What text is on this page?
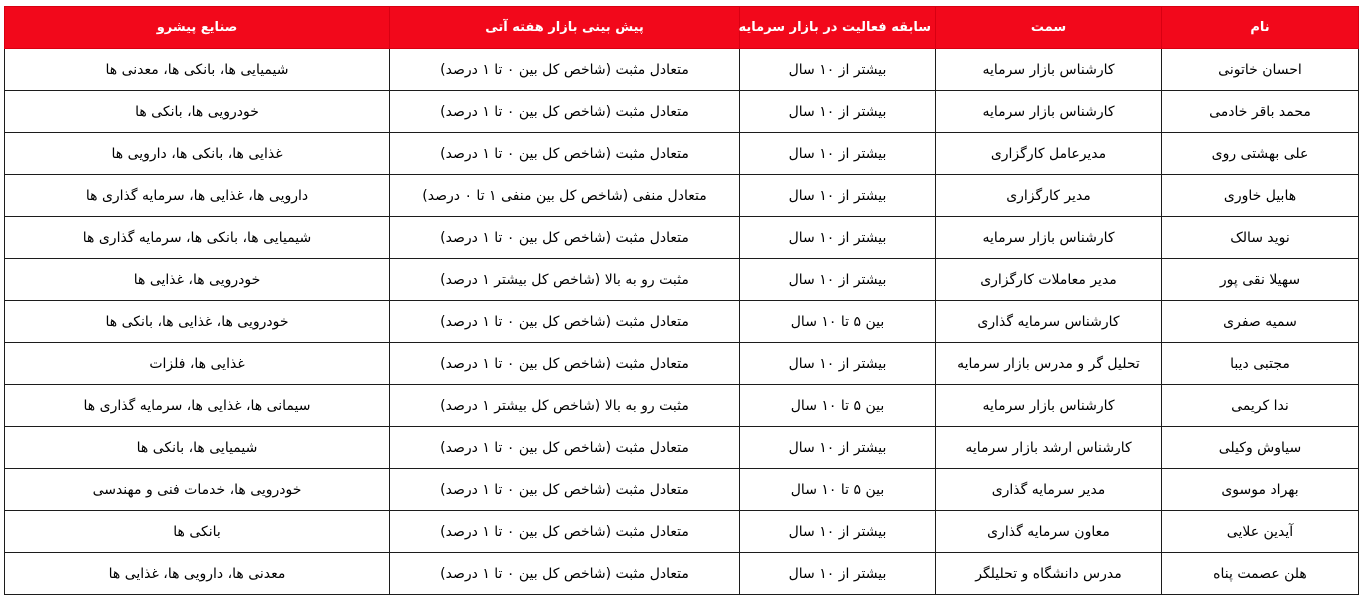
نام	سمت	سابقه فعالیت در بازار سرمایه	پیش بینی بازار هفته آتی	صنایع پیشرو
احسان خاتونی	کارشناس بازار سرمایه	بیشتر از ۱۰ سال	متعادل مثبت (شاخص کل بین ۰ تا ۱ درصد)	شیمیایی ها، بانکی ها، معدنی ها
محمد باقر خادمی	کارشناس بازار سرمایه	بیشتر از ۱۰ سال	متعادل مثبت (شاخص کل بین ۰ تا ۱ درصد)	خودرویی ها، بانکی ها
علی بهشتی روی	مدیرعامل کارگزاری	بیشتر از ۱۰ سال	متعادل مثبت (شاخص کل بین ۰ تا ۱ درصد)	غذایی ها، بانکی ها، دارویی ها
هابیل خاوری	مدیر کارگزاری	بیشتر از ۱۰ سال	متعادل منفی (شاخص کل بین منفی ۱ تا ۰ درصد)	دارویی ها، غذایی ها، سرمایه گذاری ها
نوید سالک	کارشناس بازار سرمایه	بیشتر از ۱۰ سال	متعادل مثبت (شاخص کل بین ۰ تا ۱ درصد)	شیمیایی ها، بانکی ها، سرمایه گذاری ها
سهیلا نقی پور	مدیر معاملات کارگزاری	بیشتر از ۱۰ سال	مثبت رو به بالا (شاخص کل بیشتر ۱ درصد)	خودرویی ها، غذایی ها
سمیه صفری	کارشناس سرمایه گذاری	بین ۵ تا ۱۰ سال	متعادل مثبت (شاخص کل بین ۰ تا ۱ درصد)	خودرویی ها، غذایی ها، بانکی ها
مجتبی دیبا	تحلیل گر و مدرس بازار سرمایه	بیشتر از ۱۰ سال	متعادل مثبت (شاخص کل بین ۰ تا ۱ درصد)	غذایی ها، فلزات
ندا کریمی	کارشناس بازار سرمایه	بین ۵ تا ۱۰ سال	مثبت رو به بالا (شاخص کل بیشتر ۱ درصد)	سیمانی ها، غذایی ها، سرمایه گذاری ها
سیاوش وکیلی	کارشناس ارشد بازار سرمایه	بیشتر از ۱۰ سال	متعادل مثبت (شاخص کل بین ۰ تا ۱ درصد)	شیمیایی ها، بانکی ها
بهراد موسوی	مدیر سرمایه گذاری	بین ۵ تا ۱۰ سال	متعادل مثبت (شاخص کل بین ۰ تا ۱ درصد)	خودرویی ها، خدمات فنی و مهندسی
آیدین علایی	معاون سرمایه گذاری	بیشتر از ۱۰ سال	متعادل مثبت (شاخص کل بین ۰ تا ۱ درصد)	بانکی ها
هلن عصمت پناه	مدرس دانشگاه و تحلیلگر	بیشتر از ۱۰ سال	متعادل مثبت (شاخص کل بین ۰ تا ۱ درصد)	معدنی ها، دارویی ها، غذایی ها
